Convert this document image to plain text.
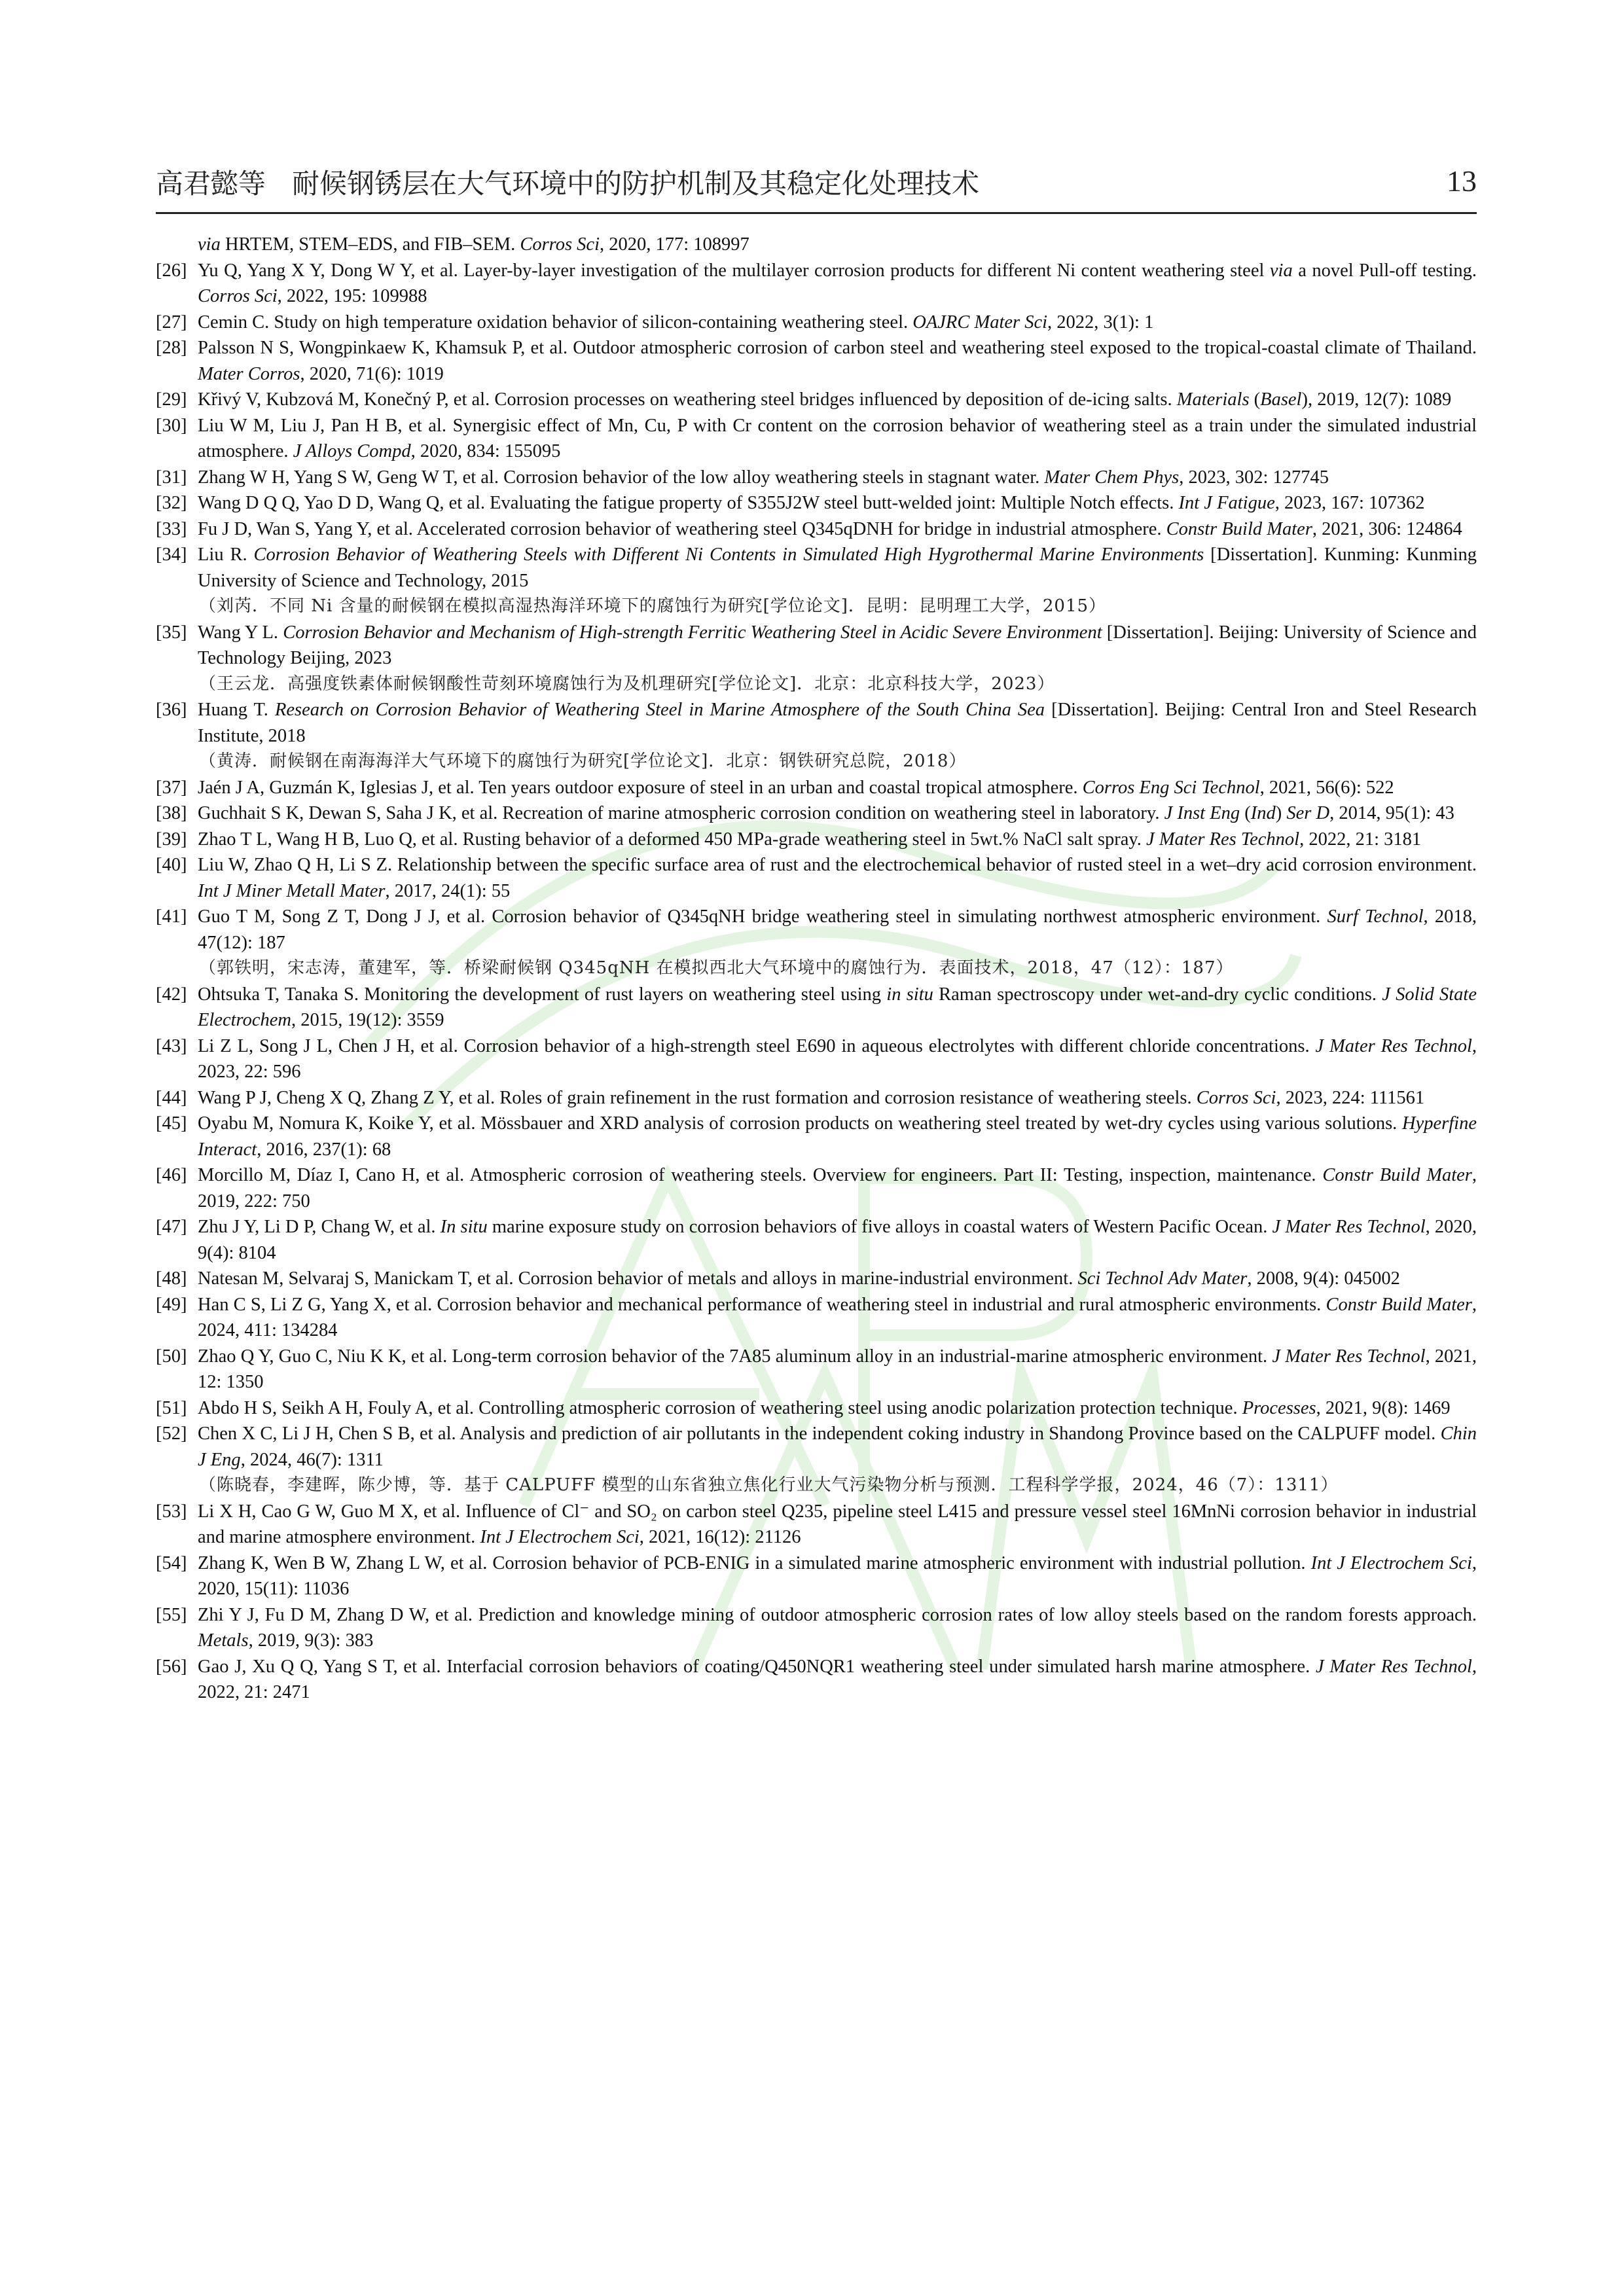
高君懿等 耐候钢锈层在大气环境中的防护机制及其稳定化处理技术	13
via HRTEM, STEM–EDS, and FIB–SEM. Corros Sci, 2020, 177: 108997
[26] Yu Q, Yang X Y, Dong W Y, et al. Layer-by-layer investigation of the multilayer corrosion products for different Ni content weathering steel via a novel Pull-off testing. Corros Sci, 2022, 195: 109988
[27] Cemin C. Study on high temperature oxidation behavior of silicon-containing weathering steel. OAJRC Mater Sci, 2022, 3(1): 1
[28] Palsson N S, Wongpinkaew K, Khamsuk P, et al. Outdoor atmospheric corrosion of carbon steel and weathering steel exposed to the tropical-coastal climate of Thailand. Mater Corros, 2020, 71(6): 1019
[29] Křivý V, Kubzová M, Konečný P, et al. Corrosion processes on weathering steel bridges influenced by deposition of de-icing salts. Materials (Basel), 2019, 12(7): 1089
[30] Liu W M, Liu J, Pan H B, et al. Synergisic effect of Mn, Cu, P with Cr content on the corrosion behavior of weathering steel as a train under the simulated industrial atmosphere. J Alloys Compd, 2020, 834: 155095
[31] Zhang W H, Yang S W, Geng W T, et al. Corrosion behavior of the low alloy weathering steels in stagnant water. Mater Chem Phys, 2023, 302: 127745
[32] Wang D Q Q, Yao D D, Wang Q, et al. Evaluating the fatigue property of S355J2W steel butt-welded joint: Multiple Notch effects. Int J Fatigue, 2023, 167: 107362
[33] Fu J D, Wan S, Yang Y, et al. Accelerated corrosion behavior of weathering steel Q345qDNH for bridge in industrial atmosphere. Constr Build Mater, 2021, 306: 124864
[34] Liu R. Corrosion Behavior of Weathering Steels with Different Ni Contents in Simulated High Hygrothermal Marine Environments [Dissertation]. Kunming: Kunming University of Science and Technology, 2015
（刘芮．不同 Ni 含量的耐候钢在模拟高湿热海洋环境下的腐蚀行为研究[学位论文]．昆明：昆明理工大学，2015）
[35] Wang Y L. Corrosion Behavior and Mechanism of High-strength Ferritic Weathering Steel in Acidic Severe Environment [Dissertation]. Beijing: University of Science and Technology Beijing, 2023
（王云龙．高强度铁素体耐候钢酸性苛刻环境腐蚀行为及机理研究[学位论文]．北京：北京科技大学，2023）
[36] Huang T. Research on Corrosion Behavior of Weathering Steel in Marine Atmosphere of the South China Sea [Dissertation]. Beijing: Central Iron and Steel Research Institute, 2018
（黄涛．耐候钢在南海海洋大气环境下的腐蚀行为研究[学位论文]．北京：钢铁研究总院，2018）
[37] Jaén J A, Guzmán K, Iglesias J, et al. Ten years outdoor exposure of steel in an urban and coastal tropical atmosphere. Corros Eng Sci Technol, 2021, 56(6): 522
[38] Guchhait S K, Dewan S, Saha J K, et al. Recreation of marine atmospheric corrosion condition on weathering steel in laboratory. J Inst Eng (Ind) Ser D, 2014, 95(1): 43
[39] Zhao T L, Wang H B, Luo Q, et al. Rusting behavior of a deformed 450 MPa-grade weathering steel in 5wt.% NaCl salt spray. J Mater Res Technol, 2022, 21: 3181
[40] Liu W, Zhao Q H, Li S Z. Relationship between the specific surface area of rust and the electrochemical behavior of rusted steel in a wet–dry acid corrosion environment. Int J Miner Metall Mater, 2017, 24(1): 55
[41] Guo T M, Song Z T, Dong J J, et al. Corrosion behavior of Q345qNH bridge weathering steel in simulating northwest atmospheric environment. Surf Technol, 2018, 47(12): 187
（郭铁明，宋志涛，董建军，等．桥梁耐候钢 Q345qNH 在模拟西北大气环境中的腐蚀行为．表面技术，2018，47（12）：187）
[42] Ohtsuka T, Tanaka S. Monitoring the development of rust layers on weathering steel using in situ Raman spectroscopy under wet-and-dry cyclic conditions. J Solid State Electrochem, 2015, 19(12): 3559
[43] Li Z L, Song J L, Chen J H, et al. Corrosion behavior of a high-strength steel E690 in aqueous electrolytes with different chloride concentrations. J Mater Res Technol, 2023, 22: 596
[44] Wang P J, Cheng X Q, Zhang Z Y, et al. Roles of grain refinement in the rust formation and corrosion resistance of weathering steels. Corros Sci, 2023, 224: 111561
[45] Oyabu M, Nomura K, Koike Y, et al. Mössbauer and XRD analysis of corrosion products on weathering steel treated by wet-dry cycles using various solutions. Hyperfine Interact, 2016, 237(1): 68
[46] Morcillo M, Díaz I, Cano H, et al. Atmospheric corrosion of weathering steels. Overview for engineers. Part II: Testing, inspection, maintenance. Constr Build Mater, 2019, 222: 750
[47] Zhu J Y, Li D P, Chang W, et al. In situ marine exposure study on corrosion behaviors of five alloys in coastal waters of Western Pacific Ocean. J Mater Res Technol, 2020, 9(4): 8104
[48] Natesan M, Selvaraj S, Manickam T, et al. Corrosion behavior of metals and alloys in marine-industrial environment. Sci Technol Adv Mater, 2008, 9(4): 045002
[49] Han C S, Li Z G, Yang X, et al. Corrosion behavior and mechanical performance of weathering steel in industrial and rural atmospheric environments. Constr Build Mater, 2024, 411: 134284
[50] Zhao Q Y, Guo C, Niu K K, et al. Long-term corrosion behavior of the 7A85 aluminum alloy in an industrial-marine atmospheric environment. J Mater Res Technol, 2021, 12: 1350
[51] Abdo H S, Seikh A H, Fouly A, et al. Controlling atmospheric corrosion of weathering steel using anodic polarization protection technique. Processes, 2021, 9(8): 1469
[52] Chen X C, Li J H, Chen S B, et al. Analysis and prediction of air pollutants in the independent coking industry in Shandong Province based on the CALPUFF model. Chin J Eng, 2024, 46(7): 1311
（陈晓春，李建晖，陈少博，等．基于 CALPUFF 模型的山东省独立焦化行业大气污染物分析与预测．工程科学学报，2024，46（7）：1311）
[53] Li X H, Cao G W, Guo M X, et al. Influence of Cl⁻ and SO₂ on carbon steel Q235, pipeline steel L415 and pressure vessel steel 16MnNi corrosion behavior in industrial and marine atmosphere environment. Int J Electrochem Sci, 2021, 16(12): 21126
[54] Zhang K, Wen B W, Zhang L W, et al. Corrosion behavior of PCB-ENIG in a simulated marine atmospheric environment with industrial pollution. Int J Electrochem Sci, 2020, 15(11): 11036
[55] Zhi Y J, Fu D M, Zhang D W, et al. Prediction and knowledge mining of outdoor atmospheric corrosion rates of low alloy steels based on the random forests approach. Metals, 2019, 9(3): 383
[56] Gao J, Xu Q Q, Yang S T, et al. Interfacial corrosion behaviors of coating/Q450NQR1 weathering steel under simulated harsh marine atmosphere. J Mater Res Technol, 2022, 21: 2471
